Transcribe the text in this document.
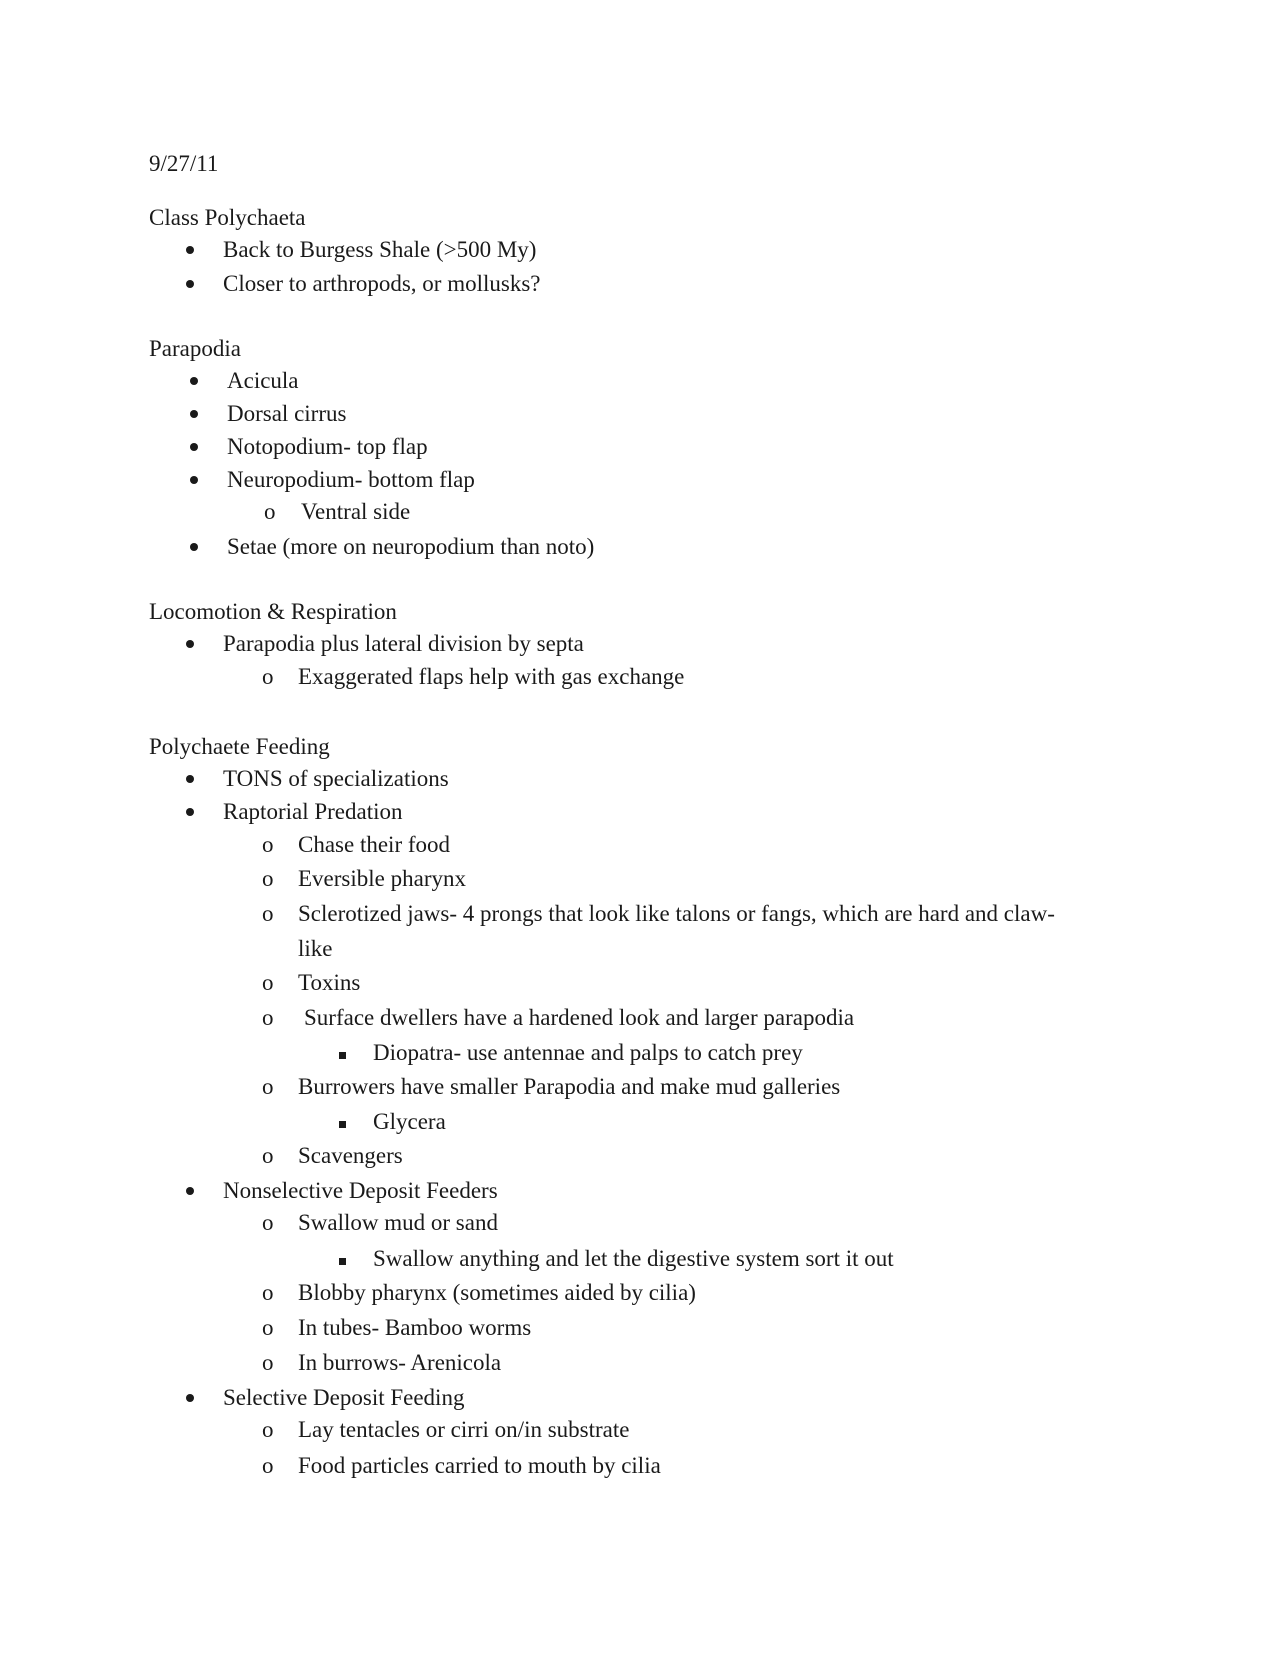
9/27/11
Class Polychaeta
Back to Burgess Shale (>500 My)
Closer to arthropods, or mollusks?
Parapodia
Acicula
Dorsal cirrus
Notopodium- top flap
Neuropodium- bottom flap
o Ventral side
Setae (more on neuropodium than noto)
Locomotion & Respiration
Parapodia plus lateral division by septa
o Exaggerated flaps help with gas exchange
Polychaete Feeding
TONS of specializations
Raptorial Predation
o Chase their food
o Eversible pharynx
o Sclerotized jaws- 4 prongs that look like talons or fangs, which are hard and claw-
like
o Toxins
o Surface dwellers have a hardened look and larger parapodia
Diopatra- use antennae and palps to catch prey
o Burrowers have smaller Parapodia and make mud galleries
Glycera
o Scavengers
Nonselective Deposit Feeders
o Swallow mud or sand
Swallow anything and let the digestive system sort it out
o Blobby pharynx (sometimes aided by cilia)
o In tubes- Bamboo worms
o In burrows- Arenicola
Selective Deposit Feeding
o Lay tentacles or cirri on/in substrate
o Food particles carried to mouth by cilia
